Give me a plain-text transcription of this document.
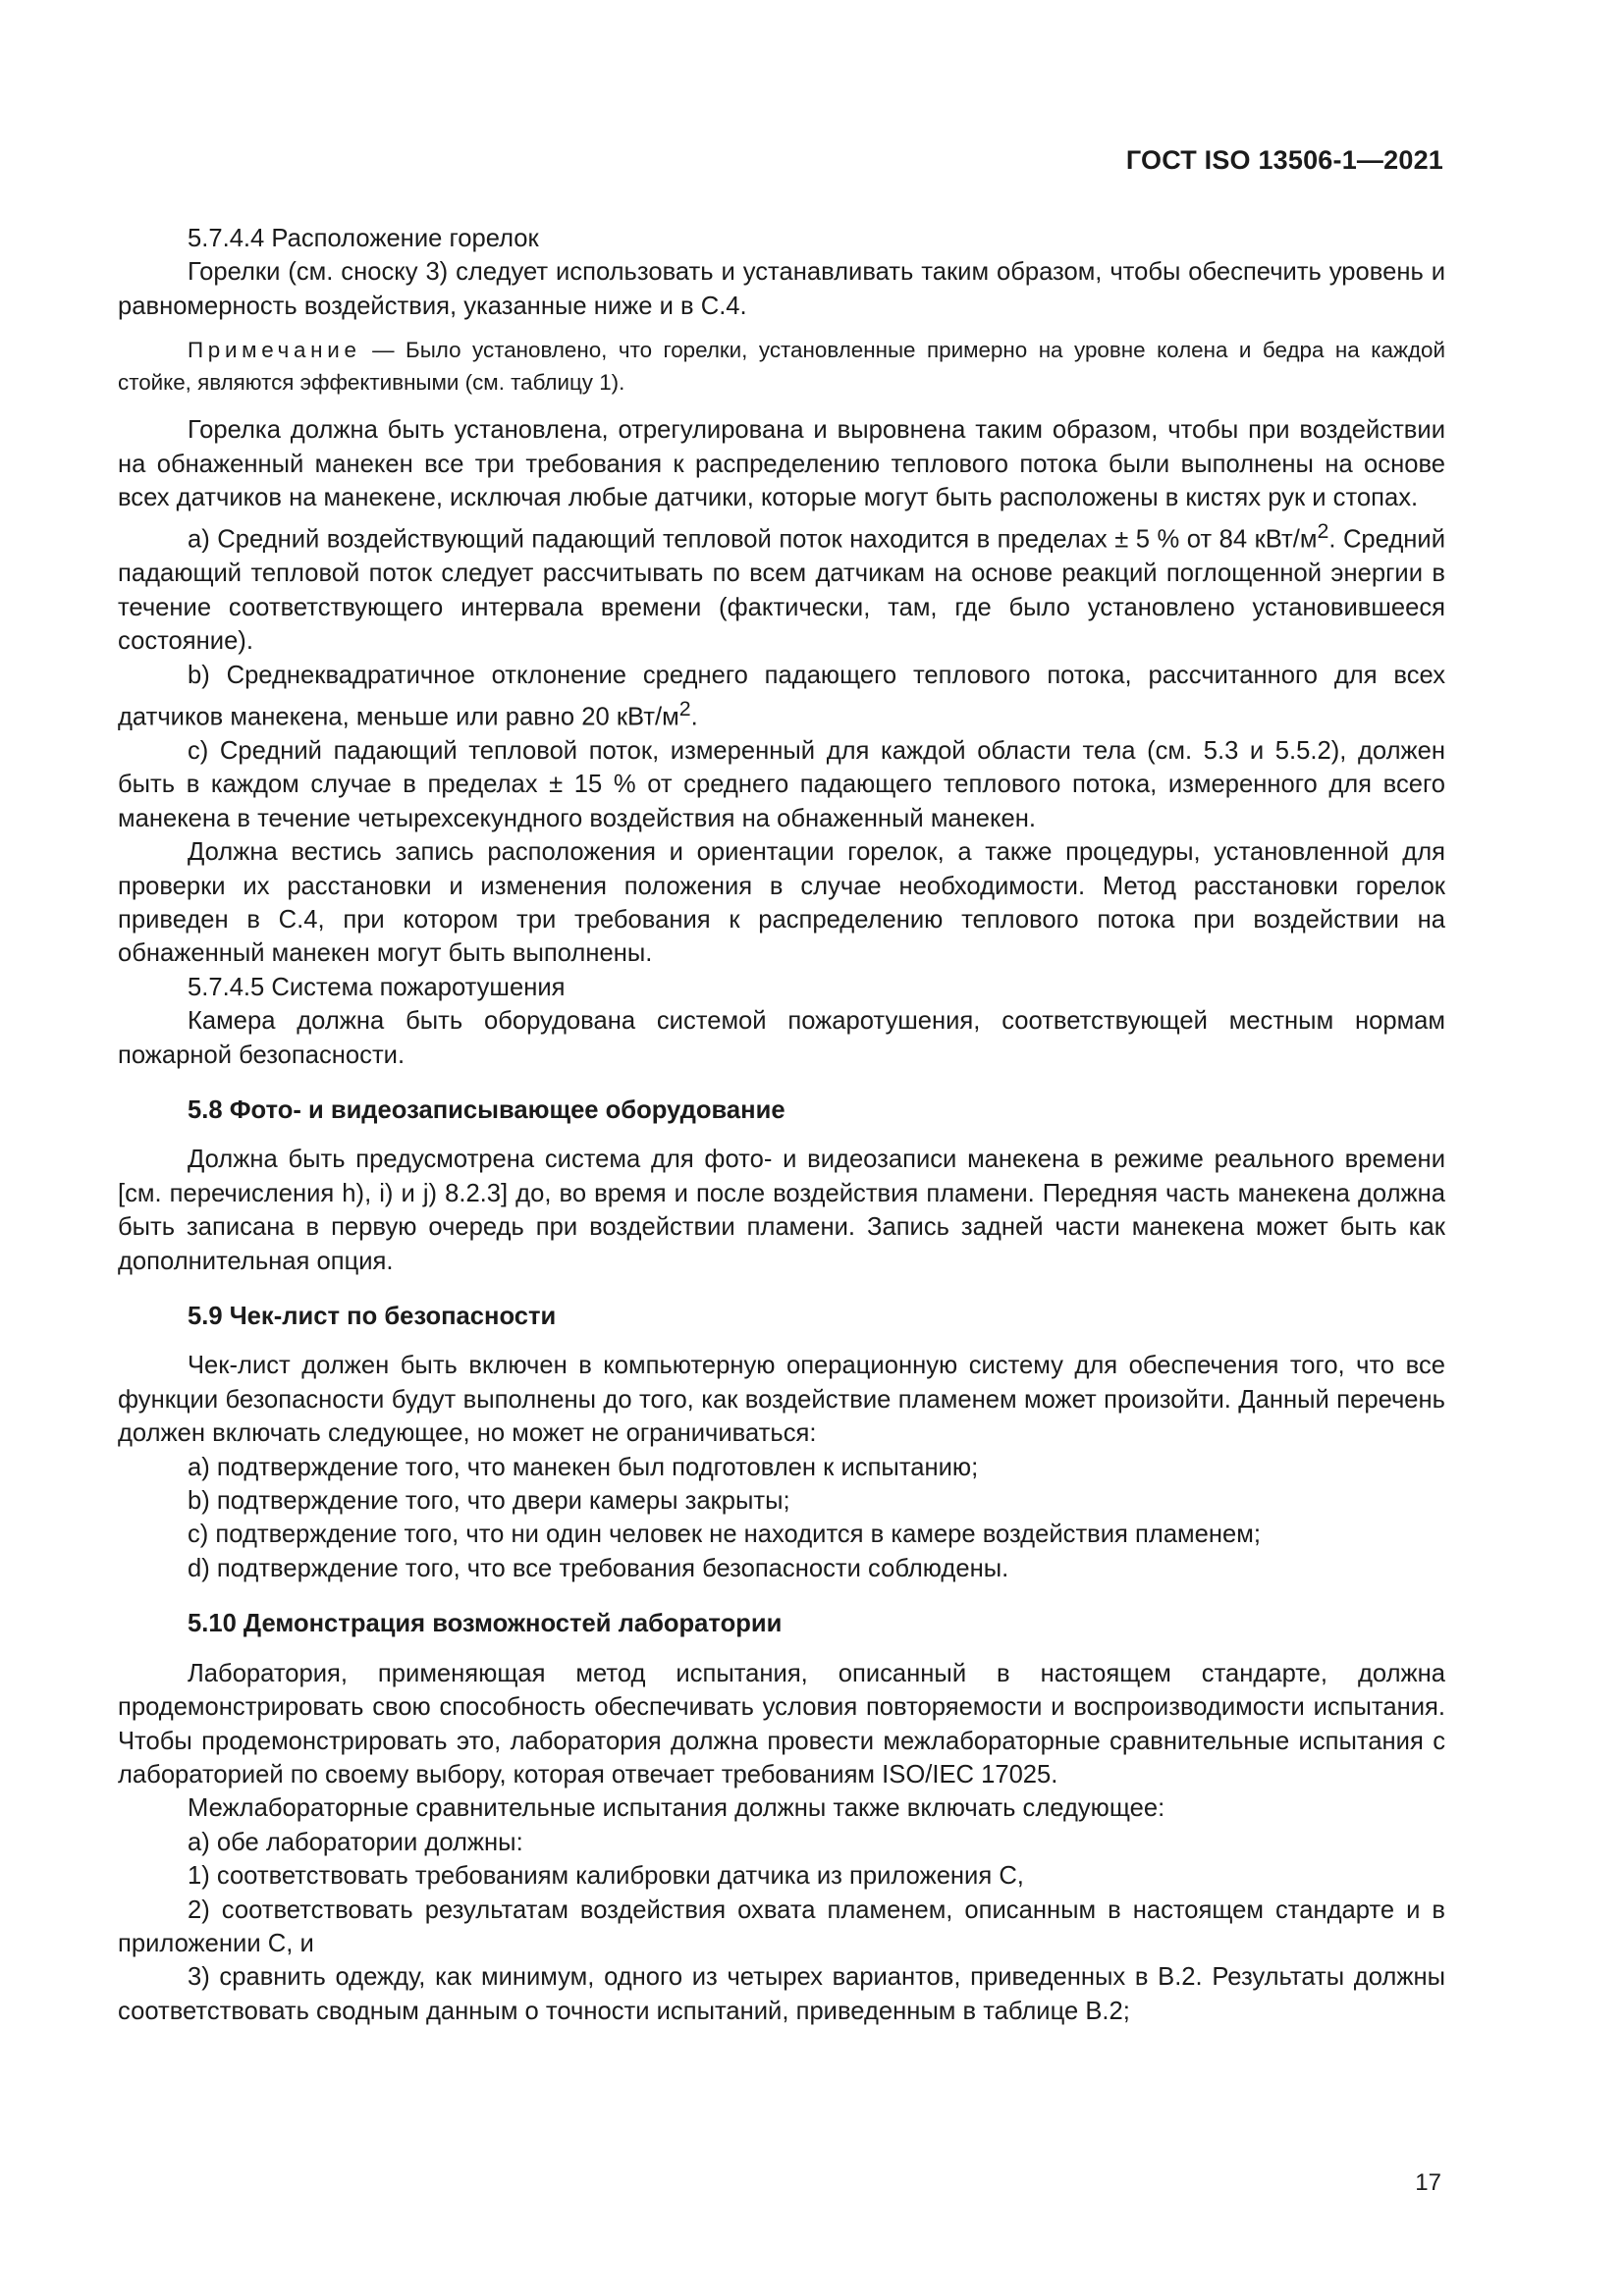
ГОСТ ISO 13506-1—2021

5.7.4.4 Расположение горелок

Горелки (см. сноску 3) следует использовать и устанавливать таким образом, чтобы обеспечить уровень и равномерность воздействия, указанные ниже и в С.4.

Примечание — Было установлено, что горелки, установленные примерно на уровне колена и бедра на каждой стойке, являются эффективными (см. таблицу 1).

Горелка должна быть установлена, отрегулирована и выровнена таким образом, чтобы при воздействии на обнаженный манекен все три требования к распределению теплового потока были выполнены на основе всех датчиков на манекене, исключая любые датчики, которые могут быть расположены в кистях рук и стопах.

a) Средний воздействующий падающий тепловой поток находится в пределах ± 5 % от 84 кВт/$м^2$. Средний падающий тепловой поток следует рассчитывать по всем датчикам на основе реакций поглощенной энергии в течение соответствующего интервала времени (фактически, там, где было установлено установившееся состояние).

b) Среднеквадратичное отклонение среднего падающего теплового потока, рассчитанного для всех датчиков манекена, меньше или равно 20 кВт/$м^2$.

c) Средний падающий тепловой поток, измеренный для каждой области тела (см. 5.3 и 5.5.2), должен быть в каждом случае в пределах ± 15 % от среднего падающего теплового потока, измеренного для всего манекена в течение четырехсекундного воздействия на обнаженный манекен.

Должна вестись запись расположения и ориентации горелок, а также процедуры, установленной для проверки их расстановки и изменения положения в случае необходимости. Метод расстановки горелок приведен в С.4, при котором три требования к распределению теплового потока при воздействии на обнаженный манекен могут быть выполнены.

5.7.4.5 Система пожаротушения

Камера должна быть оборудована системой пожаротушения, соответствующей местным нормам пожарной безопасности.

5.8 Фото- и видеозаписывающее оборудование

Должна быть предусмотрена система для фото- и видеозаписи манекена в режиме реального времени [см. перечисления h), i) и j) 8.2.3] до, во время и после воздействия пламени. Передняя часть манекена должна быть записана в первую очередь при воздействии пламени. Запись задней части манекена может быть как дополнительная опция.

5.9 Чек-лист по безопасности

Чек-лист должен быть включен в компьютерную операционную систему для обеспечения того, что все функции безопасности будут выполнены до того, как воздействие пламенем может произойти. Данный перечень должен включать следующее, но может не ограничиваться:

a) подтверждение того, что манекен был подготовлен к испытанию;

b) подтверждение того, что двери камеры закрыты;

c) подтверждение того, что ни один человек не находится в камере воздействия пламенем;

d) подтверждение того, что все требования безопасности соблюдены.

5.10 Демонстрация возможностей лаборатории

Лаборатория, применяющая метод испытания, описанный в настоящем стандарте, должна продемонстрировать свою способность обеспечивать условия повторяемости и воспроизводимости испытания. Чтобы продемонстрировать это, лаборатория должна провести межлабораторные сравнительные испытания с лабораторией по своему выбору, которая отвечает требованиям ISO/IEC 17025.

Межлабораторные сравнительные испытания должны также включать следующее:

a) обе лаборатории должны:

1) соответствовать требованиям калибровки датчика из приложения С,

2) соответствовать результатам воздействия охвата пламенем, описанным в настоящем стандарте и в приложении С, и

3) сравнить одежду, как минимум, одного из четырех вариантов, приведенных в В.2. Результаты должны соответствовать сводным данным о точности испытаний, приведенным в таблице В.2;

17
